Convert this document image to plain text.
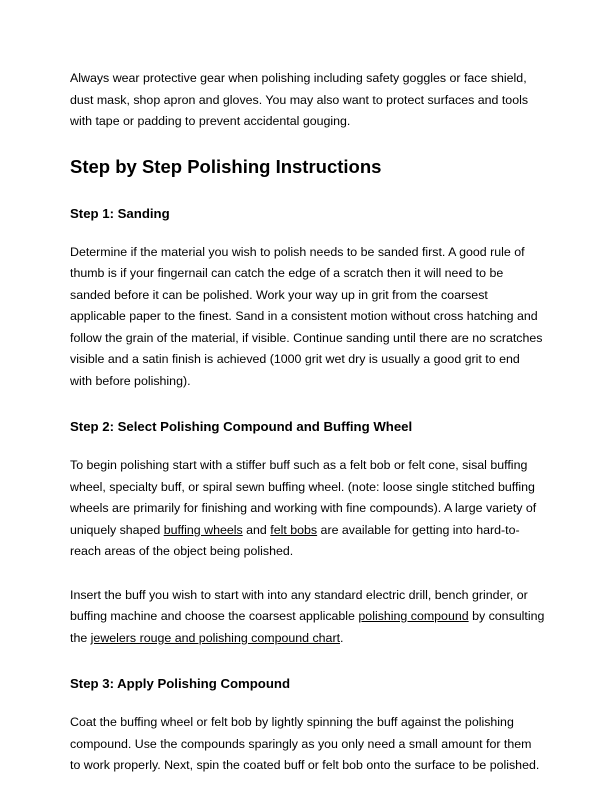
Always wear protective gear when polishing including safety goggles or face shield, dust mask, shop apron and gloves. You may also want to protect surfaces and tools with tape or padding to prevent accidental gouging.

Step by Step Polishing Instructions
Step 1: Sanding

Determine if the material you wish to polish needs to be sanded first. A good rule of thumb is if your fingernail can catch the edge of a scratch then it will need to be sanded before it can be polished. Work your way up in grit from the coarsest applicable paper to the finest. Sand in a consistent motion without cross hatching and follow the grain of the material, if visible. Continue sanding until there are no scratches visible and a satin finish is achieved (1000 grit wet dry is usually a good grit to end with before polishing).

Step 2: Select Polishing Compound and Buffing Wheel

To begin polishing start with a stiffer buff such as a felt bob or felt cone, sisal buffing wheel, specialty buff, or spiral sewn buffing wheel. (note: loose single stitched buffing wheels are primarily for finishing and working with fine compounds). A large variety of uniquely shaped buffing wheels and felt bobs are available for getting into hard-to-reach areas of the object being polished.

Insert the buff you wish to start with into any standard electric drill, bench grinder, or buffing machine and choose the coarsest applicable polishing compound by consulting the jewelers rouge and polishing compound chart.

Step 3: Apply Polishing Compound

Coat the buffing wheel or felt bob by lightly spinning the buff against the polishing compound. Use the compounds sparingly as you only need a small amount for them to work properly. Next, spin the coated buff or felt bob onto the surface to be polished.
